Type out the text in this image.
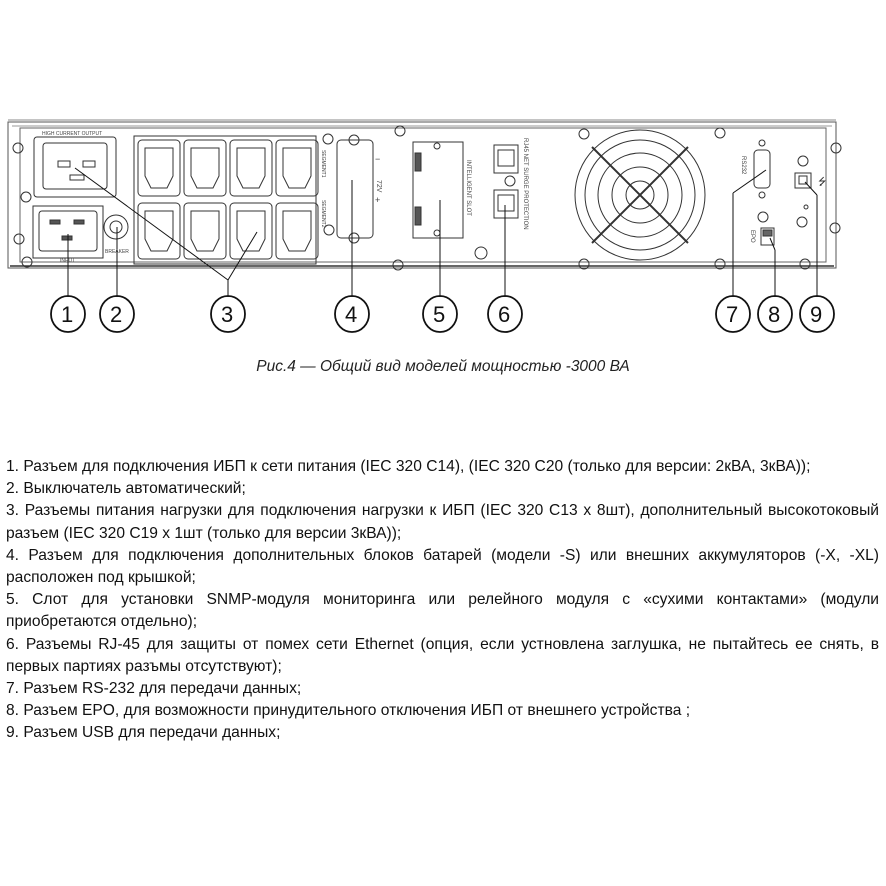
HIGH CURRENT OUTPUT
INPUT
BREAKER
SEGMENT1
SEGMENT2
72V
−
+	INTELLIGENT SLOT	RJ45 NET SURGE PROTECTION	RS232
EPO
⭍
1 2	3	4	5 6	7 8 9
Рис.4 — Общий вид моделей мощностью -3000 ВА

1. Разъем для подключения ИБП к сети питания (IEC 320 C14), (IEC 320 C20 (только для версии: 2кВА, 3кВА));

2. Выключатель автоматический;

3. Разъемы питания нагрузки для подключения нагрузки к ИБП (IEC 320 C13 x 8шт), дополнительный высокотоковый разъем (IEC 320 C19 x 1шт (только для версии 3кВА));

4. Разъем для подключения дополнительных блоков батарей (модели -S) или внешних аккумуляторов (-X, -XL) расположен под крышкой;

5. Слот для установки SNMP-модуля мониторинга или релейного модуля с «сухими контактами» (модули приобретаются отдельно);

6. Разъемы RJ-45 для защиты от помех сети Ethernet (опция, если устновлена заглушка, не пытайтесь ее снять, в первых партиях разъмы отсутствуют);

7. Разъем RS-232 для передачи данных;

8. Разъем EPO, для возможности принудительного отключения ИБП от внешнего устройства ;

9. Разъем USB для передачи данных;
